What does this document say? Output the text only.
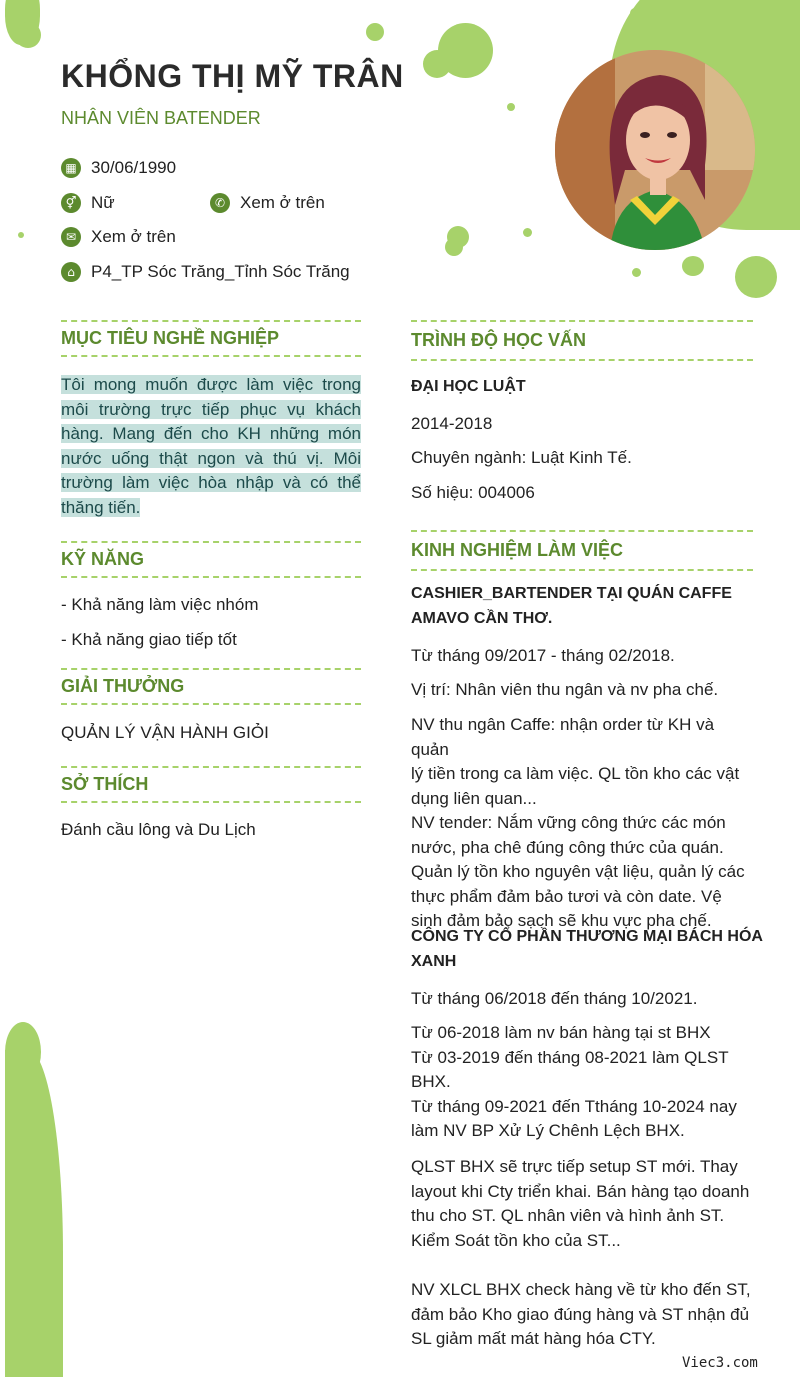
KHỔNG THỊ MỸ TRÂN
NHÂN VIÊN BATENDER
▦ 30/06/1990
⚥ Nữ	✆ Xem ở trên
✉ Xem ở trên
⌂ P4_TP Sóc Trăng_Tỉnh Sóc Trăng
MỤC TIÊU NGHỀ NGHIỆP
Tôi mong muốn được làm việc trong môi trường trực tiếp phục vụ khách hàng. Mang đến cho KH những món nước uống thật ngon và thú vị. Môi trường làm việc hòa nhập và có thể thăng tiến.
KỸ NĂNG
- Khả năng làm việc nhóm
- Khả năng giao tiếp tốt
GIẢI THƯỞNG
QUẢN LÝ VẬN HÀNH GIỎI
SỞ THÍCH
Đánh cầu lông và Du Lịch
TRÌNH ĐỘ HỌC VẤN
ĐẠI HỌC LUẬT
2014-2018
Chuyên ngành: Luật Kinh Tế.
Số hiệu: 004006
KINH NGHIỆM LÀM VIỆC
CASHIER_BARTENDER TẠI QUÁN CAFFE
AMAVO CẦN THƠ.
Từ tháng 09/2017 - tháng 02/2018.
Vị trí: Nhân viên thu ngân và nv pha chế.
NV thu ngân Caffe: nhận order từ KH và quản
lý tiền trong ca làm việc. QL tồn kho các vật
dụng liên quan...
NV tender: Nắm vững công thức các món
nước, pha chê đúng công thức của quán.
Quản lý tồn kho nguyên vật liệu, quản lý các
thực phẩm đảm bảo tươi và còn date. Vệ
sinh đảm bảo sạch sẽ khu vực pha chế.
CÔNG TY CỔ PHẦN THƯƠNG MẠI BÁCH HÓA
XANH
Từ tháng 06/2018 đến tháng 10/2021.
Từ 06-2018 làm nv bán hàng tại st BHX
Từ 03-2019 đến tháng 08-2021 làm QLST
BHX.
Từ tháng 09-2021 đến Ttháng 10-2024 nay
làm NV BP Xử Lý Chênh Lệch BHX.
QLST BHX sẽ trực tiếp setup ST mới. Thay
layout khi Cty triển khai. Bán hàng tạo doanh
thu cho ST. QL nhân viên và hình ảnh ST.
Kiểm Soát tồn kho của ST...
NV XLCL BHX check hàng về từ kho đến ST,
đảm bảo Kho giao đúng hàng và ST nhận đủ
SL giảm mất mát hàng hóa CTY.
Viec3.com
